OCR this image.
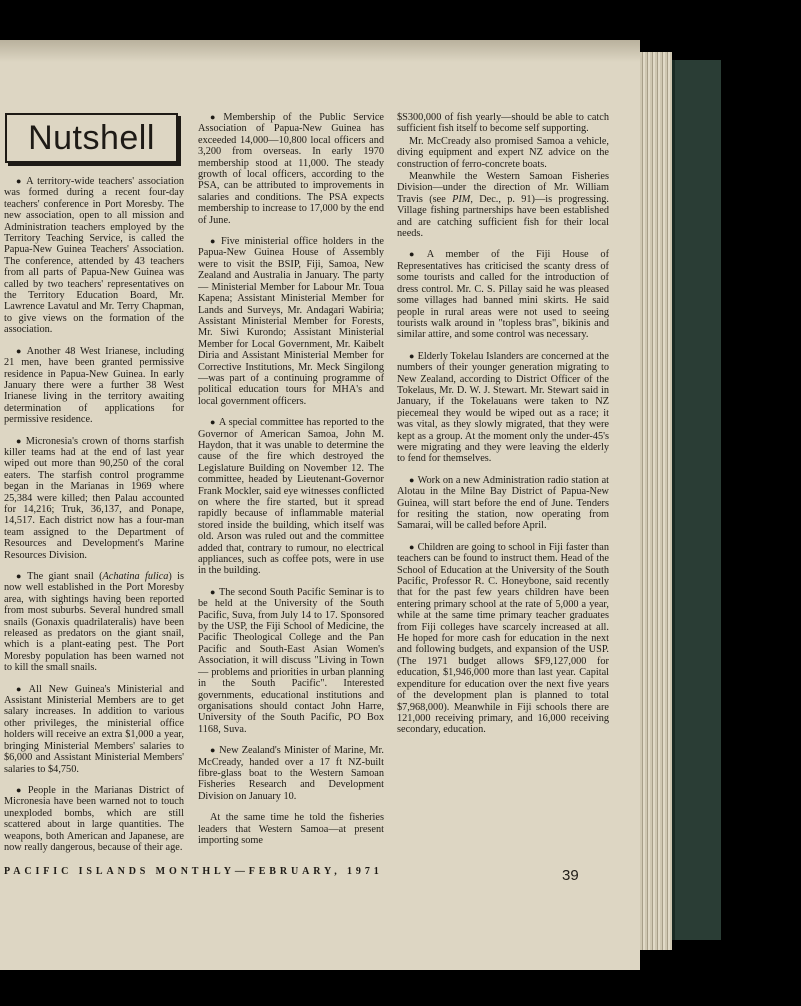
Nutshell

● A territory-wide teachers' association was formed during a recent four-day teachers' conference in Port Moresby. The new association, open to all mission and Administration teachers employed by the Territory Teaching Service, is called the Papua-New Guinea Teachers' Association. The conference, attended by 43 teachers from all parts of Papua-New Guinea was called by two teachers' representatives on the Territory Education Board, Mr. Lawrence Lavatul and Mr. Terry Chapman, to give views on the formation of the association.

● Another 48 West Irianese, including 21 men, have been granted permissive residence in Papua-New Guinea. In early January there were a further 38 West Irianese living in the territory awaiting determination of applications for permissive residence.

● Micronesia's crown of thorns starfish killer teams had at the end of last year wiped out more than 90,250 of the coral eaters. The starfish control programme began in the Marianas in 1969 where 25,384 were killed; then Palau accounted for 14,216; Truk, 36,137, and Ponape, 14,517. Each district now has a four-man team assigned to the Department of Resources and Development's Marine Resources Division.

● The giant snail (Achatina fulica) is now well established in the Port Moresby area, with sightings having been reported from most suburbs. Several hundred small snails (Gonaxis quadrilateralis) have been released as predators on the giant snail, which is a plant-eating pest. The Port Moresby population has been warned not to kill the small snails.

● All New Guinea's Ministerial and Assistant Ministerial Members are to get salary increases. In addition to various other privileges, the ministerial office holders will receive an extra $1,000 a year, bringing Ministerial Members' salaries to $6,000 and Assistant Ministerial Members' salaries to $4,750.

● People in the Marianas District of Micronesia have been warned not to touch unexploded bombs, which are still scattered about in large quantities. The weapons, both American and Japanese, are now really dangerous, because of their age.

● Membership of the Public Service Association of Papua-New Guinea has exceeded 14,000—10,800 local officers and 3,200 from overseas. In early 1970 membership stood at 11,000. The steady growth of local officers, according to the PSA, can be attributed to improvements in salaries and conditions. The PSA expects membership to increase to 17,000 by the end of June.

● Five ministerial office holders in the Papua-New Guinea House of Assembly were to visit the BSIP, Fiji, Samoa, New Zealand and Australia in January. The party — Ministerial Member for Labour Mr. Toua Kapena; Assistant Ministerial Member for Lands and Surveys, Mr. Andagari Wabiria; Assistant Ministerial Member for Forests, Mr. Siwi Kurondo; Assistant Ministerial Member for Local Government, Mr. Kaibelt Diria and Assistant Ministerial Member for Corrective Institutions, Mr. Meck Singilong—was part of a continuing programme of political education tours for MHA's and local government officers.

● A special committee has reported to the Governor of American Samoa, John M. Haydon, that it was unable to determine the cause of the fire which destroyed the Legislature Building on November 12. The committee, headed by Lieutenant-Governor Frank Mockler, said eye witnesses conflicted on where the fire started, but it spread rapidly because of inflammable material stored inside the building, which itself was old. Arson was ruled out and the committee added that, contrary to rumour, no electrical appliances, such as coffee pots, were in use in the building.

● The second South Pacific Seminar is to be held at the University of the South Pacific, Suva, from July 14 to 17. Sponsored by the USP, the Fiji School of Medicine, the Pacific Theological College and the Pan Pacific and South-East Asian Women's Association, it will discuss "Living in Town — problems and priorities in urban planning in the South Pacific". Interested governments, educational institutions and organisations should contact John Harre, University of the South Pacific, PO Box 1168, Suva.

● New Zealand's Minister of Marine, Mr. McCready, handed over a 17 ft NZ-built fibre-glass boat to the Western Samoan Fisheries Research and Development Division on January 10.

At the same time he told the fisheries leaders that Western Samoa—at present importing some

$S300,000 of fish yearly—should be able to catch sufficient fish itself to become self supporting.

Mr. McCready also promised Samoa a vehicle, diving equipment and expert NZ advice on the construction of ferro-concrete boats.

Meanwhile the Western Samoan Fisheries Division—under the direction of Mr. William Travis (see PIM, Dec., p. 91)—is progressing. Village fishing partnerships have been established and are catching sufficient fish for their local needs.

● A member of the Fiji House of Representatives has criticised the scanty dress of some tourists and called for the introduction of dress control. Mr. C. S. Pillay said he was pleased some villages had banned mini skirts. He said people in rural areas were not used to seeing tourists walk around in "topless bras", bikinis and similar attire, and some control was necessary.

● Elderly Tokelau Islanders are concerned at the numbers of their younger generation migrating to New Zealand, according to District Officer of the Tokelaus, Mr. D. W. J. Stewart. Mr. Stewart said in January, if the Tokelauans were taken to NZ piecemeal they would be wiped out as a race; it was vital, as they slowly migrated, that they were kept as a group. At the moment only the under-45's were migrating and they were leaving the elderly to fend for themselves.

● Work on a new Administration radio station at Alotau in the Milne Bay District of Papua-New Guinea, will start before the end of June. Tenders for resiting the station, now operating from Samarai, will be called before April.

● Children are going to school in Fiji faster than teachers can be found to instruct them. Head of the School of Education at the University of the South Pacific, Professor R. C. Honeybone, said recently that for the past few years children have been entering primary school at the rate of 5,000 a year, while at the same time primary teacher graduates from Fiji colleges have scarcely increased at all. He hoped for more cash for education in the next and following budgets, and expansion of the USP. (The 1971 budget allows $F9,127,000 for education, $1,946,000 more than last year. Capital expenditure for education over the next five years of the development plan is planned to total $7,968,000). Meanwhile in Fiji schools there are 121,000 receiving primary, and 16,000 receiving secondary, education.

PACIFIC ISLANDS MONTHLY—FEBRUARY, 1971	39
